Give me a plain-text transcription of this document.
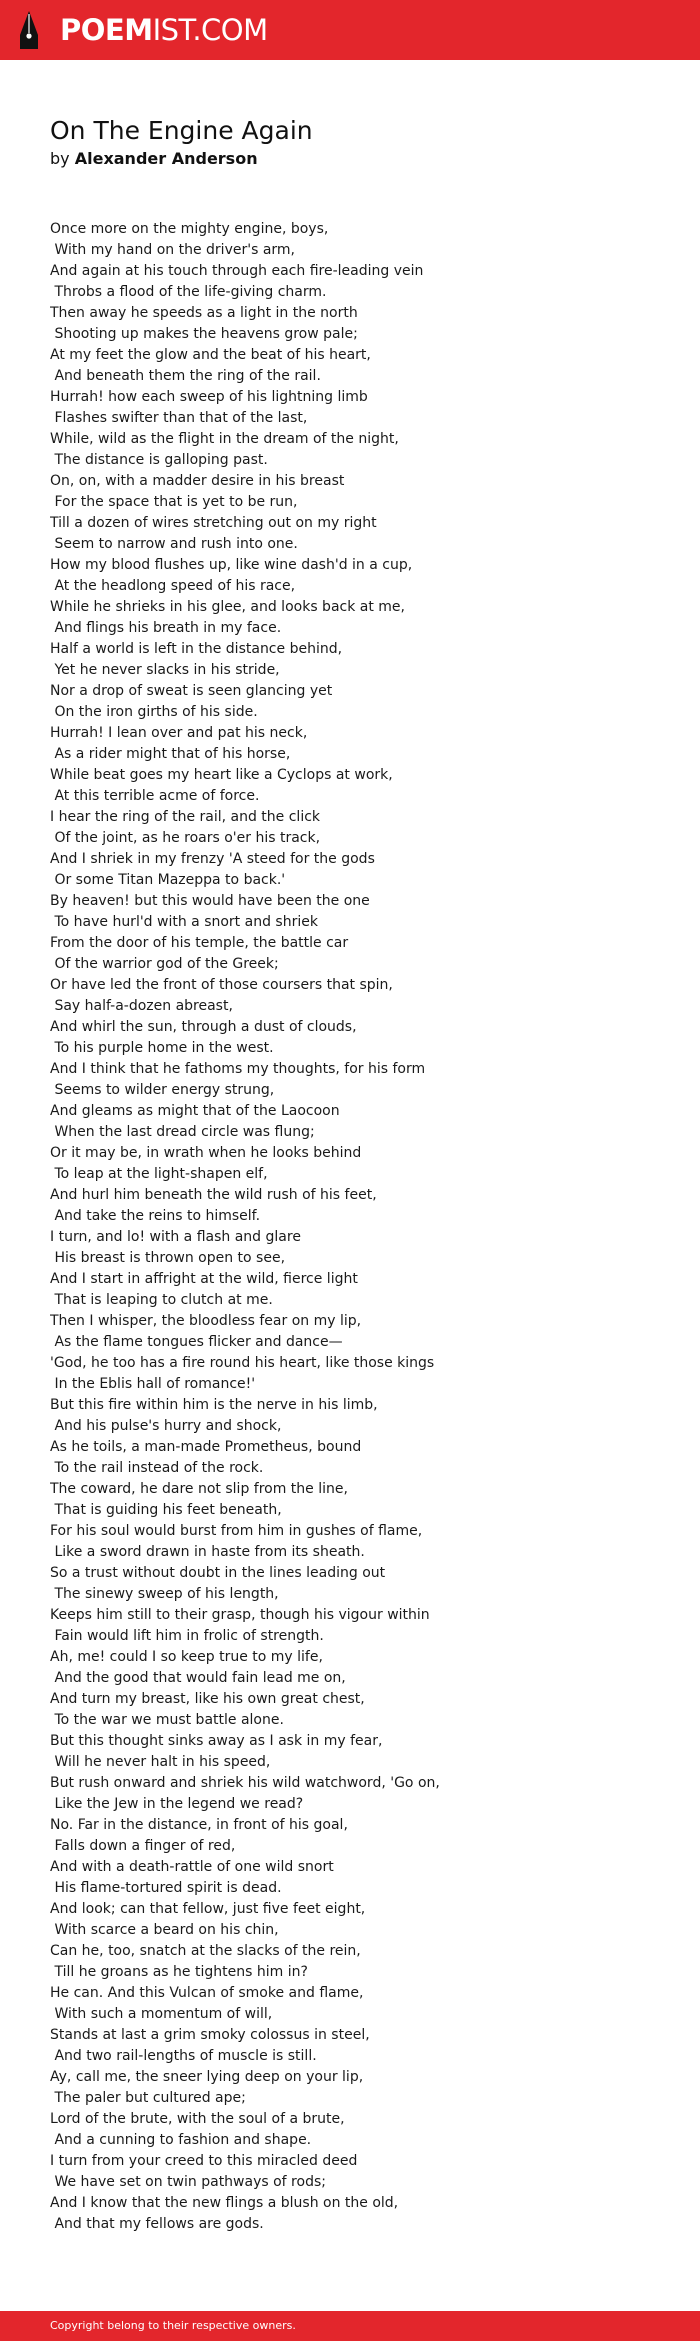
POEMIST.COM
On The Engine Again
by Alexander Anderson
Once more on the mighty engine, boys,
With my hand on the driver's arm,
And again at his touch through each fire-leading vein
Throbs a flood of the life-giving charm.
Then away he speeds as a light in the north
Shooting up makes the heavens grow pale;
At my feet the glow and the beat of his heart,
And beneath them the ring of the rail.
Hurrah! how each sweep of his lightning limb
Flashes swifter than that of the last,
While, wild as the flight in the dream of the night,
The distance is galloping past.
On, on, with a madder desire in his breast
For the space that is yet to be run,
Till a dozen of wires stretching out on my right
Seem to narrow and rush into one.
How my blood flushes up, like wine dash'd in a cup,
At the headlong speed of his race,
While he shrieks in his glee, and looks back at me,
And flings his breath in my face.
Half a world is left in the distance behind,
Yet he never slacks in his stride,
Nor a drop of sweat is seen glancing yet
On the iron girths of his side.
Hurrah! I lean over and pat his neck,
As a rider might that of his horse,
While beat goes my heart like a Cyclops at work,
At this terrible acme of force.
I hear the ring of the rail, and the click
Of the joint, as he roars o'er his track,
And I shriek in my frenzy 'A steed for the gods
Or some Titan Mazeppa to back.'
By heaven! but this would have been the one
To have hurl'd with a snort and shriek
From the door of his temple, the battle car
Of the warrior god of the Greek;
Or have led the front of those coursers that spin,
Say half-a-dozen abreast,
And whirl the sun, through a dust of clouds,
To his purple home in the west.
And I think that he fathoms my thoughts, for his form
Seems to wilder energy strung,
And gleams as might that of the Laocoon
When the last dread circle was flung;
Or it may be, in wrath when he looks behind
To leap at the light-shapen elf,
And hurl him beneath the wild rush of his feet,
And take the reins to himself.
I turn, and lo! with a flash and glare
His breast is thrown open to see,
And I start in affright at the wild, fierce light
That is leaping to clutch at me.
Then I whisper, the bloodless fear on my lip,
As the flame tongues flicker and dance—
'God, he too has a fire round his heart, like those kings
In the Eblis hall of romance!'
But this fire within him is the nerve in his limb,
And his pulse's hurry and shock,
As he toils, a man-made Prometheus, bound
To the rail instead of the rock.
The coward, he dare not slip from the line,
That is guiding his feet beneath,
For his soul would burst from him in gushes of flame,
Like a sword drawn in haste from its sheath.
So a trust without doubt in the lines leading out
The sinewy sweep of his length,
Keeps him still to their grasp, though his vigour within
Fain would lift him in frolic of strength.
Ah, me! could I so keep true to my life,
And the good that would fain lead me on,
And turn my breast, like his own great chest,
To the war we must battle alone.
But this thought sinks away as I ask in my fear,
Will he never halt in his speed,
But rush onward and shriek his wild watchword, 'Go on,
Like the Jew in the legend we read?
No. Far in the distance, in front of his goal,
Falls down a finger of red,
And with a death-rattle of one wild snort
His flame-tortured spirit is dead.
And look; can that fellow, just five feet eight,
With scarce a beard on his chin,
Can he, too, snatch at the slacks of the rein,
Till he groans as he tightens him in?
He can. And this Vulcan of smoke and flame,
With such a momentum of will,
Stands at last a grim smoky colossus in steel,
And two rail-lengths of muscle is still.
Ay, call me, the sneer lying deep on your lip,
The paler but cultured ape;
Lord of the brute, with the soul of a brute,
And a cunning to fashion and shape.
I turn from your creed to this miracled deed
We have set on twin pathways of rods;
And I know that the new flings a blush on the old,
And that my fellows are gods.
Copyright belong to their respective owners.
